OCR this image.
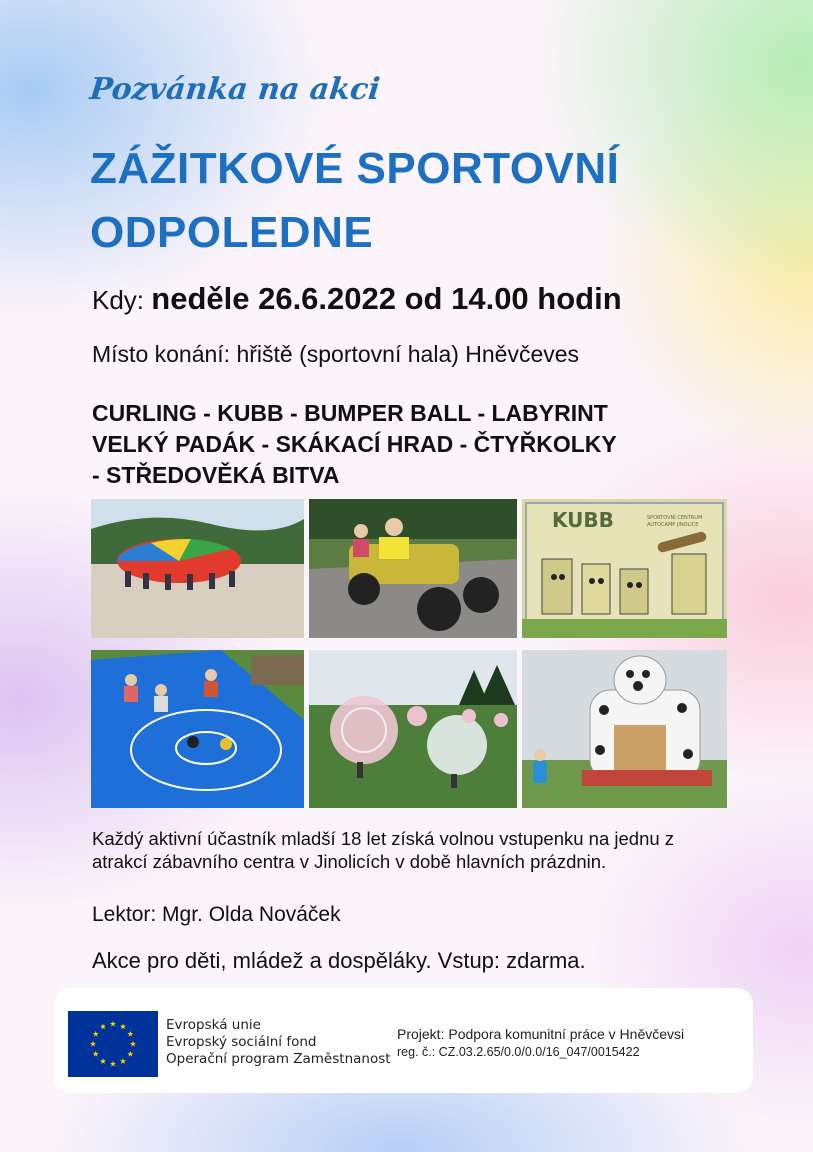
Pozvánka na akci
ZÁŽITKOVÉ SPORTOVNÍ
ODPOLEDNE
Kdy: neděle 26.6.2022 od 14.00 hodin
Místo konání: hřiště (sportovní hala) Hněvčeves
CURLING - KUBB - BUMPER BALL - LABYRINT
VELKÝ PADÁK - SKÁKACÍ HRAD - ČTYŘKOLKY
- STŘEDOVĚKÁ BITVA
KUBB	SPORTOVNÍ CENTRUM
AUTOCAMP JINOLICE
Každý aktivní účastník mladší 18 let získá volnou vstupenku na jednu z atrakcí zábavního centra v Jinolicích v době hlavních prázdnin.
Lektor: Mgr. Olda Nováček
Akce pro děti, mládež a dospěláky. Vstup: zdarma.
Evropská unie
Evropský sociální fond
Operační program Zaměstnanost
Projekt: Podpora komunitní práce v Hněvčevsi
reg. č.: CZ.03.2.65/0.0/0.0/16_047/0015422
